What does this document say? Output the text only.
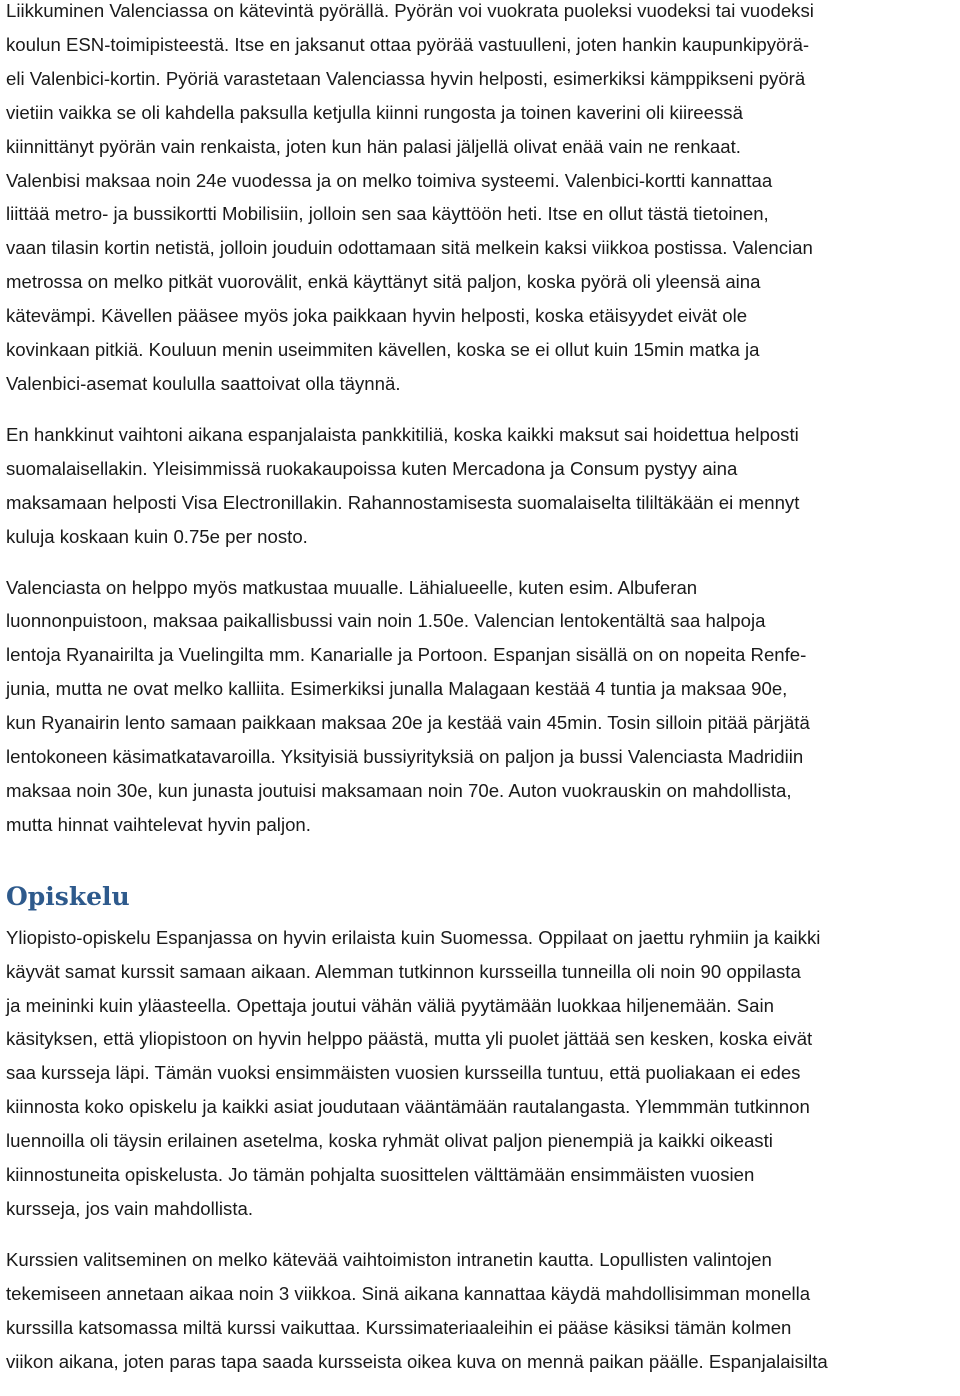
Liikkuminen Valenciassa on kätevintä pyörällä. Pyörän voi vuokrata puoleksi vuodeksi tai vuodeksi
koulun ESN-toimipisteestä. Itse en jaksanut ottaa pyörää vastuulleni, joten hankin kaupunkipyörä-
eli Valenbici-kortin. Pyöriä varastetaan Valenciassa hyvin helposti, esimerkiksi kämppikseni pyörä
vietiin vaikka se oli kahdella paksulla ketjulla kiinni rungosta ja toinen kaverini oli kiireessä
kiinnittänyt pyörän vain renkaista, joten kun hän palasi jäljellä olivat enää vain ne renkaat.
Valenbisi maksaa noin 24e vuodessa ja on melko toimiva systeemi. Valenbici-kortti kannattaa
liittää metro- ja bussikortti Mobilisiin, jolloin sen saa käyttöön heti. Itse en ollut tästä tietoinen,
vaan tilasin kortin netistä, jolloin jouduin odottamaan sitä melkein kaksi viikkoa postissa. Valencian
metrossa on melko pitkät vuorovälit, enkä käyttänyt sitä paljon, koska pyörä oli yleensä aina
kätevämpi. Kävellen pääsee myös joka paikkaan hyvin helposti, koska etäisyydet eivät ole
kovinkaan pitkiä. Kouluun menin useimmiten kävellen, koska se ei ollut kuin 15min matka ja
Valenbici-asemat koululla saattoivat olla täynnä.
En hankkinut vaihtoni aikana espanjalaista pankkitiliä, koska kaikki maksut sai hoidettua helposti
suomalaisellakin. Yleisimmissä ruokakaupoissa kuten Mercadona ja Consum pystyy aina
maksamaan helposti Visa Electronillakin. Rahannostamisesta suomalaiselta tililtäkään ei mennyt
kuluja koskaan kuin 0.75e per nosto.
Valenciasta on helppo myös matkustaa muualle. Lähialueelle, kuten esim. Albuferan
luonnonpuistoon, maksaa paikallisbussi vain noin 1.50e. Valencian lentokentältä saa halpoja
lentoja Ryanairilta ja Vuelingilta mm. Kanarialle ja Portoon. Espanjan sisällä on on nopeita Renfe-
junia, mutta ne ovat melko kalliita. Esimerkiksi junalla Malagaan kestää 4 tuntia ja maksaa 90e,
kun Ryanairin lento samaan paikkaan maksaa 20e ja kestää vain 45min. Tosin silloin pitää pärjätä
lentokoneen käsimatkatavaroilla. Yksityisiä bussiyrityksiä on paljon ja bussi Valenciasta Madridiin
maksaa noin 30e, kun junasta joutuisi maksamaan noin 70e. Auton vuokrauskin on mahdollista,
mutta hinnat vaihtelevat hyvin paljon.
Opiskelu
Yliopisto-opiskelu Espanjassa on hyvin erilaista kuin Suomessa. Oppilaat on jaettu ryhmiin ja kaikki
käyvät samat kurssit samaan aikaan. Alemman tutkinnon kursseilla tunneilla oli noin 90 oppilasta
ja meininki kuin yläasteella. Opettaja joutui vähän väliä pyytämään luokkaa hiljenemään. Sain
käsityksen, että yliopistoon on hyvin helppo päästä, mutta yli puolet jättää sen kesken, koska eivät
saa kursseja läpi. Tämän vuoksi ensimmäisten vuosien kursseilla tuntuu, että puoliakaan ei edes
kiinnosta koko opiskelu ja kaikki asiat joudutaan vääntämään rautalangasta. Ylemmmän tutkinnon
luennoilla oli täysin erilainen asetelma, koska ryhmät olivat paljon pienempiä ja kaikki oikeasti
kiinnostuneita opiskelusta. Jo tämän pohjalta suosittelen välttämään ensimmäisten vuosien
kursseja, jos vain mahdollista.
Kurssien valitseminen on melko kätevää vaihtoimiston intranetin kautta. Lopullisten valintojen
tekemiseen annetaan aikaa noin 3 viikkoa. Sinä aikana kannattaa käydä mahdollisimman monella
kurssilla katsomassa miltä kurssi vaikuttaa. Kurssimateriaaleihin ei pääse käsiksi tämän kolmen
viikon aikana, joten paras tapa saada kursseista oikea kuva on mennä paikan päälle. Espanjalaisilta
